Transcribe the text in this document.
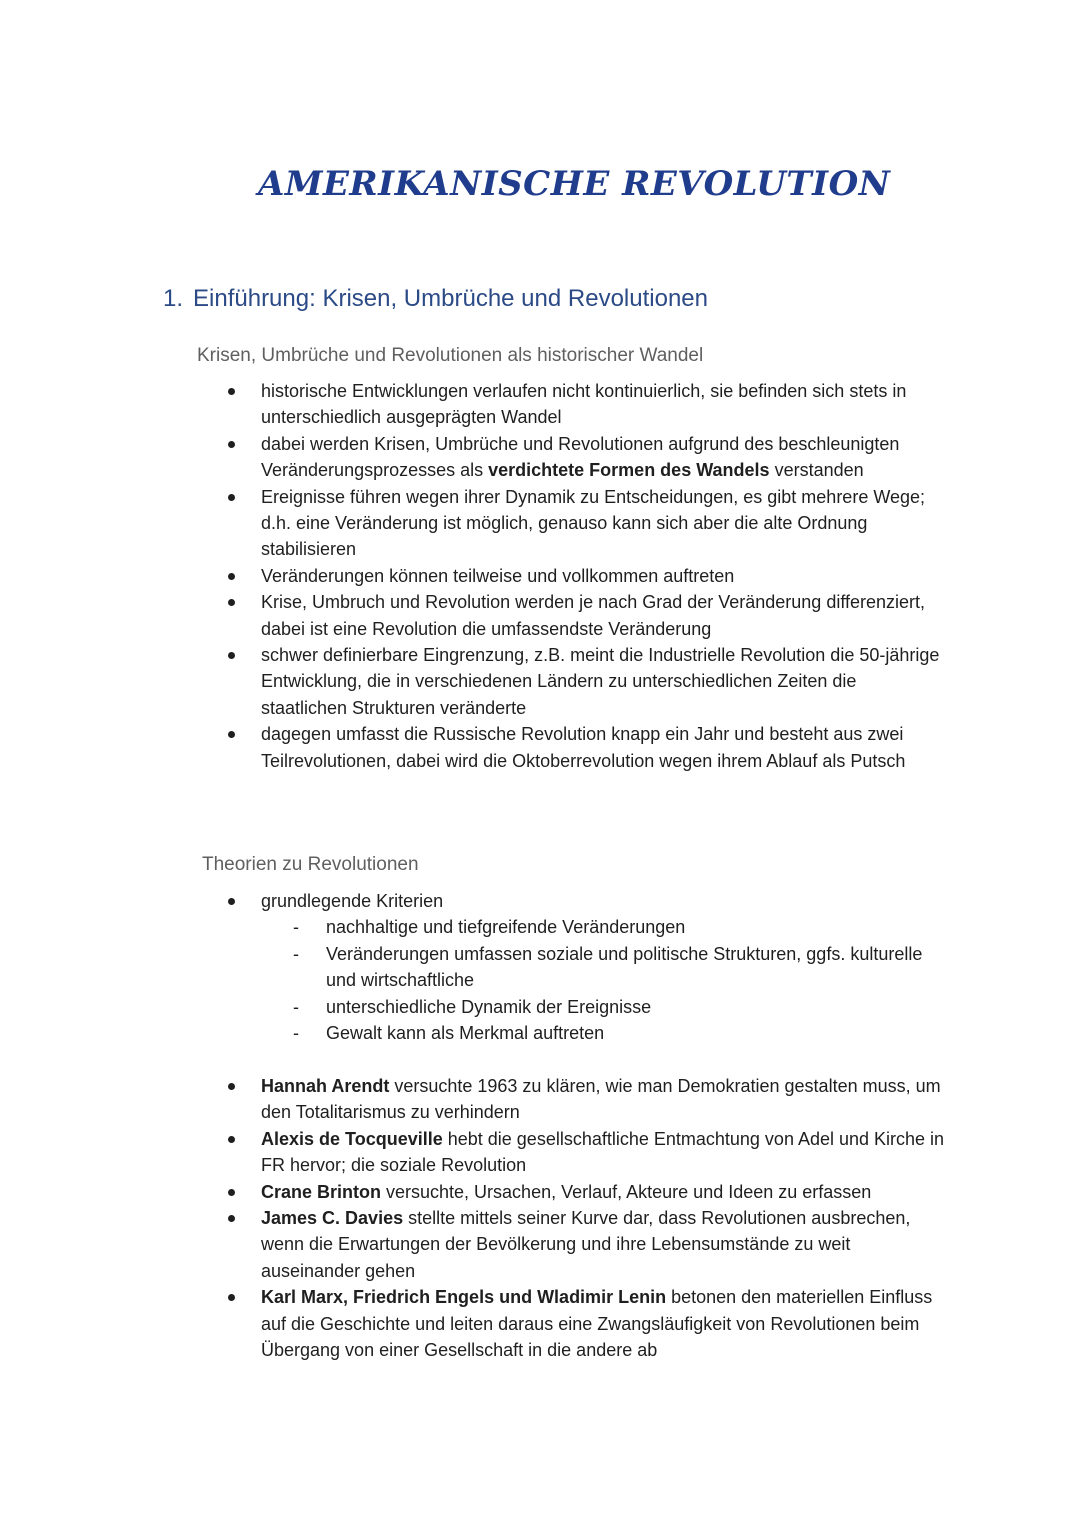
AMERIKANISCHE REVOLUTION
1. Einführung: Krisen, Umbrüche und Revolutionen
Krisen, Umbrüche und Revolutionen als historischer Wandel
historische Entwicklungen verlaufen nicht kontinuierlich, sie befinden sich stets in unterschiedlich ausgeprägten Wandel
dabei werden Krisen, Umbrüche und Revolutionen aufgrund des beschleunigten Veränderungsprozesses als verdichtete Formen des Wandels verstanden
Ereignisse führen wegen ihrer Dynamik zu Entscheidungen, es gibt mehrere Wege; d.h. eine Veränderung ist möglich, genauso kann sich aber die alte Ordnung stabilisieren
Veränderungen können teilweise und vollkommen auftreten
Krise, Umbruch und Revolution werden je nach Grad der Veränderung differenziert, dabei ist eine Revolution die umfassendste Veränderung
schwer definierbare Eingrenzung, z.B. meint die Industrielle Revolution die 50-jährige Entwicklung, die in verschiedenen Ländern zu unterschiedlichen Zeiten die staatlichen Strukturen veränderte
dagegen umfasst die Russische Revolution knapp ein Jahr und besteht aus zwei Teilrevolutionen, dabei wird die Oktoberrevolution wegen ihrem Ablauf als Putsch
Theorien zu Revolutionen
grundlegende Kriterien
- nachhaltige und tiefgreifende Veränderungen
- Veränderungen umfassen soziale und politische Strukturen, ggfs. kulturelle und wirtschaftliche
- unterschiedliche Dynamik der Ereignisse
- Gewalt kann als Merkmal auftreten
Hannah Arendt versuchte 1963 zu klären, wie man Demokratien gestalten muss, um den Totalitarismus zu verhindern
Alexis de Tocqueville hebt die gesellschaftliche Entmachtung von Adel und Kirche in FR hervor; die soziale Revolution
Crane Brinton versuchte, Ursachen, Verlauf, Akteure und Ideen zu erfassen
James C. Davies stellte mittels seiner Kurve dar, dass Revolutionen ausbrechen, wenn die Erwartungen der Bevölkerung und ihre Lebensumstände zu weit auseinander gehen
Karl Marx, Friedrich Engels und Wladimir Lenin betonen den materiellen Einfluss auf die Geschichte und leiten daraus eine Zwangsläufigkeit von Revolutionen beim Übergang von einer Gesellschaft in die andere ab
